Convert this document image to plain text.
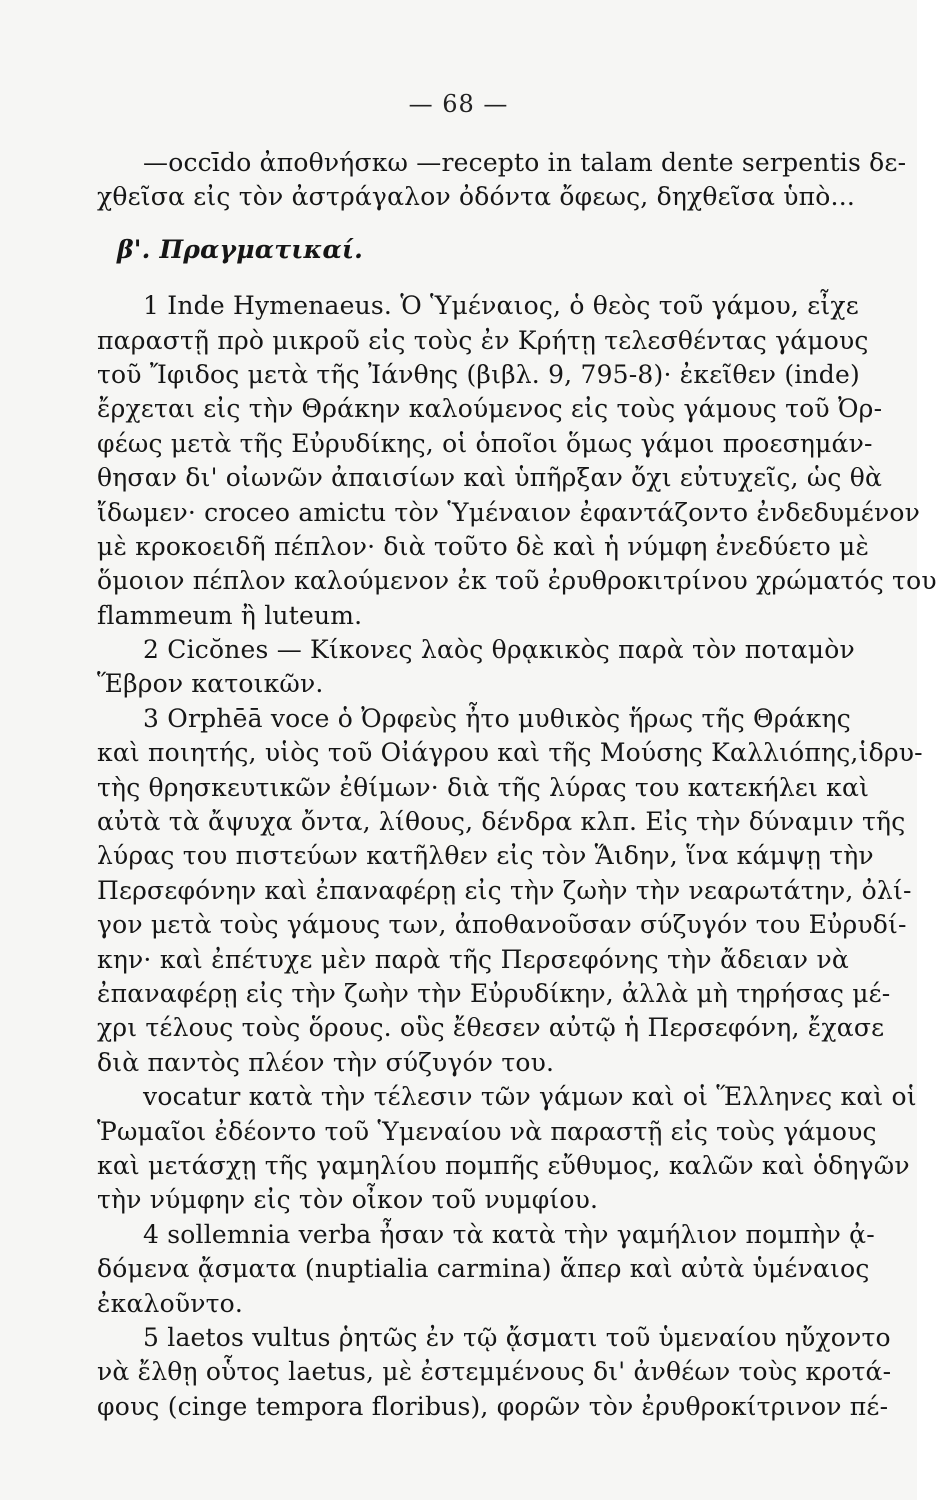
— 68 —
—occīdo ἀποθνήσκω —recepto in talam dente serpentis δε-
χθεῖσα εἰς τὸν ἀστράγαλον ὀδόντα ὄφεως, δηχθεῖσα ὑπὸ...
β'. Πραγματικαί.
1 Inde Hymenaeus. Ὁ Ὑμέναιος, ὁ θεὸς τοῦ γάμου, εἶχε
παραστῇ πρὸ μικροῦ εἰς τοὺς ἐν Κρήτῃ τελεσθέντας γάμους
τοῦ Ἴφιδος μετὰ τῆς Ἰάνθης (βιβλ. 9, 795-8)· ἐκεῖθεν (inde)
ἔρχεται εἰς τὴν Θράκην καλούμενος εἰς τοὺς γάμους τοῦ Ὀρ-
φέως μετὰ τῆς Εὐρυδίκης, οἱ ὁποῖοι ὅμως γάμοι προεσημάν-
θησαν δι' οἰωνῶν ἀπαισίων καὶ ὑπῆρξαν ὄχι εὐτυχεῖς, ὡς θὰ
ἴδωμεν· croceo amictu τὸν Ὑμέναιον ἐφαντάζοντο ἐνδεδυμένον
μὲ κροκοειδῆ πέπλον· διὰ τοῦτο δὲ καὶ ἡ νύμφη ἐνεδύετο μὲ
ὅμοιον πέπλον καλούμενον ἐκ τοῦ ἐρυθροκιτρίνου χρώματός του
flammeum ἢ luteum.
2 Cicŏnes — Κίκονες λαὸς θρᾳκικὸς παρὰ τὸν ποταμὸν
Ἕβρον κατοικῶν.
3 Orphēā voce ὁ Ὀρφεὺς ἦτο μυθικὸς ἥρως τῆς Θράκης
καὶ ποιητής, υἱὸς τοῦ Οἰάγρου καὶ τῆς Μούσης Καλλιόπης,ἱδρυ-
τὴς θρησκευτικῶν ἐθίμων· διὰ τῆς λύρας του κατεκήλει καὶ
αὐτὰ τὰ ἄψυχα ὄντα, λίθους, δένδρα κλπ. Εἰς τὴν δύναμιν τῆς
λύρας του πιστεύων κατῆλθεν εἰς τὸν Ἅιδην, ἵνα κάμψῃ τὴν
Περσεφόνην καὶ ἐπαναφέρῃ εἰς τὴν ζωὴν τὴν νεαρωτάτην, ὀλί-
γον μετὰ τοὺς γάμους των, ἀποθανοῦσαν σύζυγόν του Εὐρυδί-
κην· καὶ ἐπέτυχε μὲν παρὰ τῆς Περσεφόνης τὴν ἄδειαν νὰ
ἐπαναφέρῃ εἰς τὴν ζωὴν τὴν Εὐρυδίκην, ἀλλὰ μὴ τηρήσας μέ-
χρι τέλους τοὺς ὅρους. οὓς ἔθεσεν αὐτῷ ἡ Περσεφόνη, ἔχασε
διὰ παντὸς πλέον τὴν σύζυγόν του.
vocatur κατὰ τὴν τέλεσιν τῶν γάμων καὶ οἱ Ἕλληνες καὶ οἱ
Ῥωμαῖοι ἐδέοντο τοῦ Ὑμεναίου νὰ παραστῇ εἰς τοὺς γάμους
καὶ μετάσχῃ τῆς γαμηλίου πομπῆς εὔθυμος, καλῶν καὶ ὁδηγῶν
τὴν νύμφην εἰς τὸν οἶκον τοῦ νυμφίου.
4 sollemnia verba ἦσαν τὰ κατὰ τὴν γαμήλιον πομπὴν ᾀ-
δόμενα ᾄσματα (nuptialia carmina) ἅπερ καὶ αὐτὰ ὑμέναιος
ἐκαλοῦντο.
5 laetos vultus ῥητῶς ἐν τῷ ᾄσματι τοῦ ὑμεναίου ηὔχοντο
νὰ ἔλθῃ οὗτος laetus, μὲ ἐστεμμένους δι' ἀνθέων τοὺς κροτά-
φους (cinge tempora floribus), φορῶν τὸν ἐρυθροκίτρινον πέ-
